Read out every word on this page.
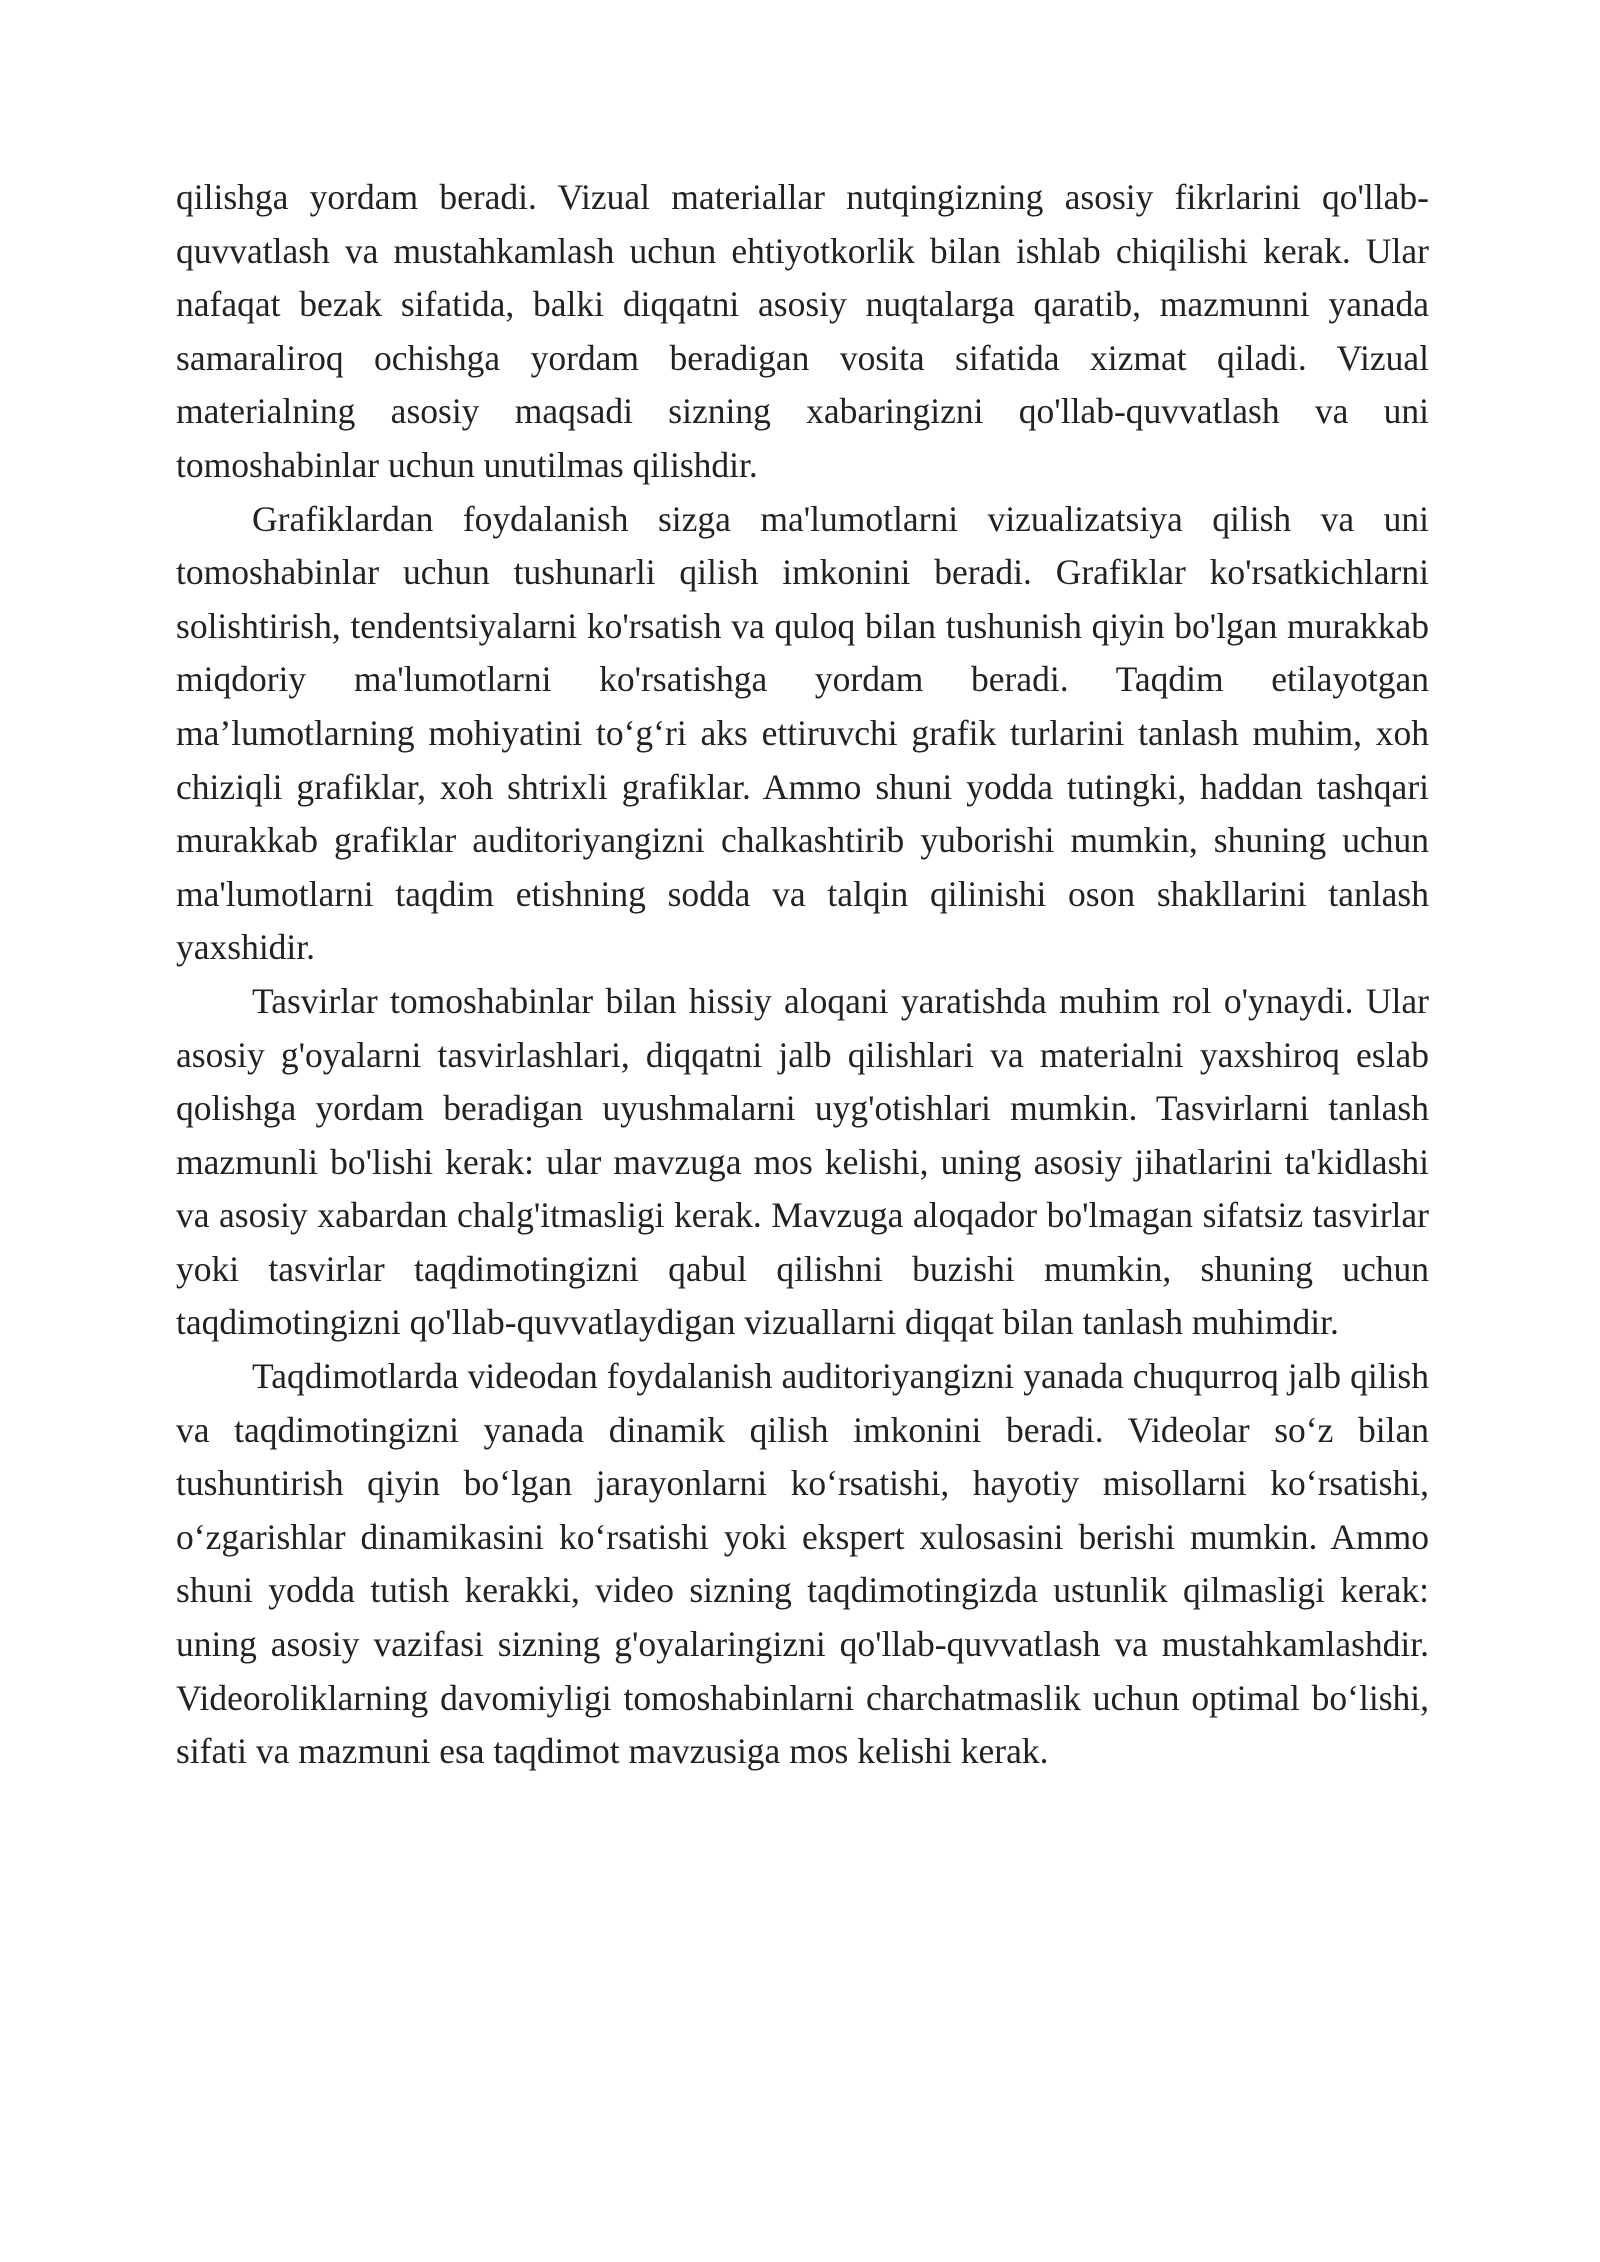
qilishga yordam beradi. Vizual materiallar nutqingizning asosiy fikrlarini qo'llab-quvvatlash va mustahkamlash uchun ehtiyotkorlik bilan ishlab chiqilishi kerak. Ular nafaqat bezak sifatida, balki diqqatni asosiy nuqtalarga qaratib, mazmunni yanada samaraliroq ochishga yordam beradigan vosita sifatida xizmat qiladi. Vizual materialning asosiy maqsadi sizning xabaringizni qo'llab-quvvatlash va uni tomoshabinlar uchun unutilmas qilishdir.

Grafiklardan foydalanish sizga ma'lumotlarni vizualizatsiya qilish va uni tomoshabinlar uchun tushunarli qilish imkonini beradi. Grafiklar ko'rsatkichlarni solishtirish, tendentsiyalarni ko'rsatish va quloq bilan tushunish qiyin bo'lgan murakkab miqdoriy ma'lumotlarni ko'rsatishga yordam beradi. Taqdim etilayotgan ma’lumotlarning mohiyatini to‘g‘ri aks ettiruvchi grafik turlarini tanlash muhim, xoh chiziqli grafiklar, xoh shtrixli grafiklar. Ammo shuni yodda tutingki, haddan tashqari murakkab grafiklar auditoriyangizni chalkashtirib yuborishi mumkin, shuning uchun ma'lumotlarni taqdim etishning sodda va talqin qilinishi oson shakllarini tanlash yaxshidir.

Tasvirlar tomoshabinlar bilan hissiy aloqani yaratishda muhim rol o'ynaydi. Ular asosiy g'oyalarni tasvirlashlari, diqqatni jalb qilishlari va materialni yaxshiroq eslab qolishga yordam beradigan uyushmalarni uyg'otishlari mumkin. Tasvirlarni tanlash mazmunli bo'lishi kerak: ular mavzuga mos kelishi, uning asosiy jihatlarini ta'kidlashi va asosiy xabardan chalg'itmasligi kerak. Mavzuga aloqador bo'lmagan sifatsiz tasvirlar yoki tasvirlar taqdimotingizni qabul qilishni buzishi mumkin, shuning uchun taqdimotingizni qo'llab-quvvatlaydigan vizuallarni diqqat bilan tanlash muhimdir.

Taqdimotlarda videodan foydalanish auditoriyangizni yanada chuqurroq jalb qilish va taqdimotingizni yanada dinamik qilish imkonini beradi. Videolar so‘z bilan tushuntirish qiyin bo‘lgan jarayonlarni ko‘rsatishi, hayotiy misollarni ko‘rsatishi, o‘zgarishlar dinamikasini ko‘rsatishi yoki ekspert xulosasini berishi mumkin. Ammo shuni yodda tutish kerakki, video sizning taqdimotingizda ustunlik qilmasligi kerak: uning asosiy vazifasi sizning g'oyalaringizni qo'llab-quvvatlash va mustahkamlashdir. Videoroliklarning davomiyligi tomoshabinlarni charchatmaslik uchun optimal bo‘lishi, sifati va mazmuni esa taqdimot mavzusiga mos kelishi kerak.
